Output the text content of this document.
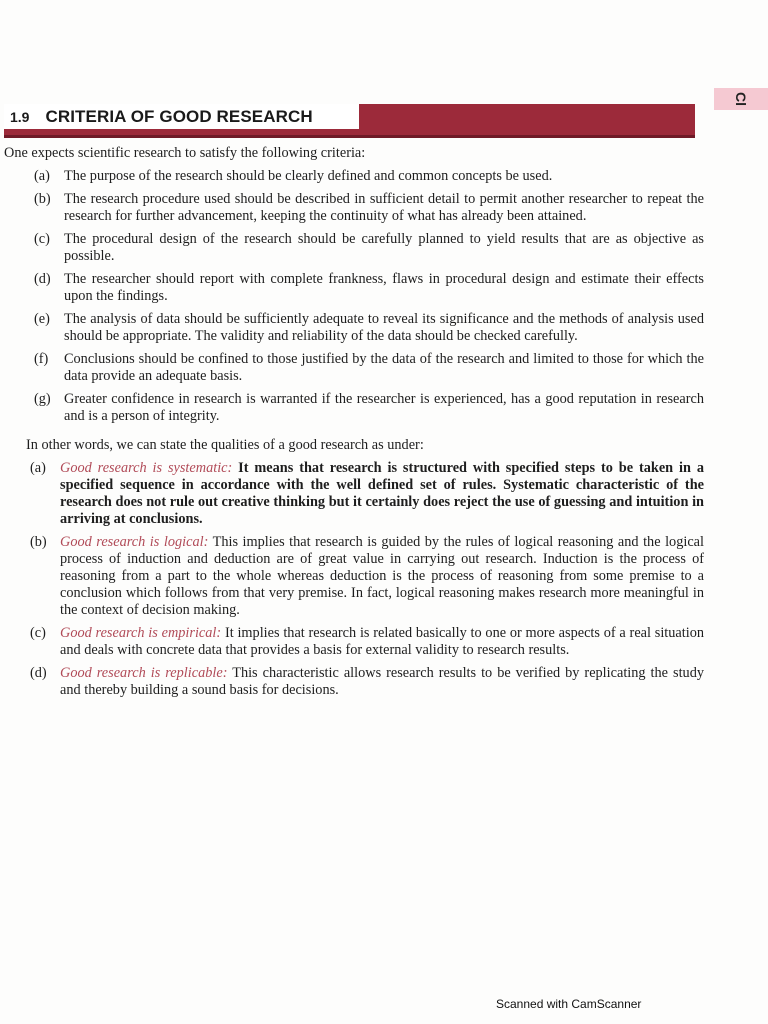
Cl
1.9 CRITERIA OF GOOD RESEARCH

One expects scientific research to satisfy the following criteria:

(a) The purpose of the research should be clearly defined and common concepts be used.
(b) The research procedure used should be described in sufficient detail to permit another researcher to repeat the research for further advancement, keeping the continuity of what has already been attained.
(c) The procedural design of the research should be carefully planned to yield results that are as objective as possible.
(d) The researcher should report with complete frankness, flaws in procedural design and estimate their effects upon the findings.
(e) The analysis of data should be sufficiently adequate to reveal its significance and the methods of analysis used should be appropriate. The validity and reliability of the data should be checked carefully.
(f) Conclusions should be confined to those justified by the data of the research and limited to those for which the data provide an adequate basis.
(g) Greater confidence in research is warranted if the researcher is experienced, has a good reputation in research and is a person of integrity.

In other words, we can state the qualities of a good research as under:

(a) Good research is systematic: It means that research is structured with specified steps to be taken in a specified sequence in accordance with the well defined set of rules. Systematic characteristic of the research does not rule out creative thinking but it certainly does reject the use of guessing and intuition in arriving at conclusions.
(b) Good research is logical: This implies that research is guided by the rules of logical reasoning and the logical process of induction and deduction are of great value in carrying out research. Induction is the process of reasoning from a part to the whole whereas deduction is the process of reasoning from some premise to a conclusion which follows from that very premise. In fact, logical reasoning makes research more meaningful in the context of decision making.
(c) Good research is empirical: It implies that research is related basically to one or more aspects of a real situation and deals with concrete data that provides a basis for external validity to research results.
(d) Good research is replicable: This characteristic allows research results to be verified by replicating the study and thereby building a sound basis for decisions.
Scanned with CamScanner
